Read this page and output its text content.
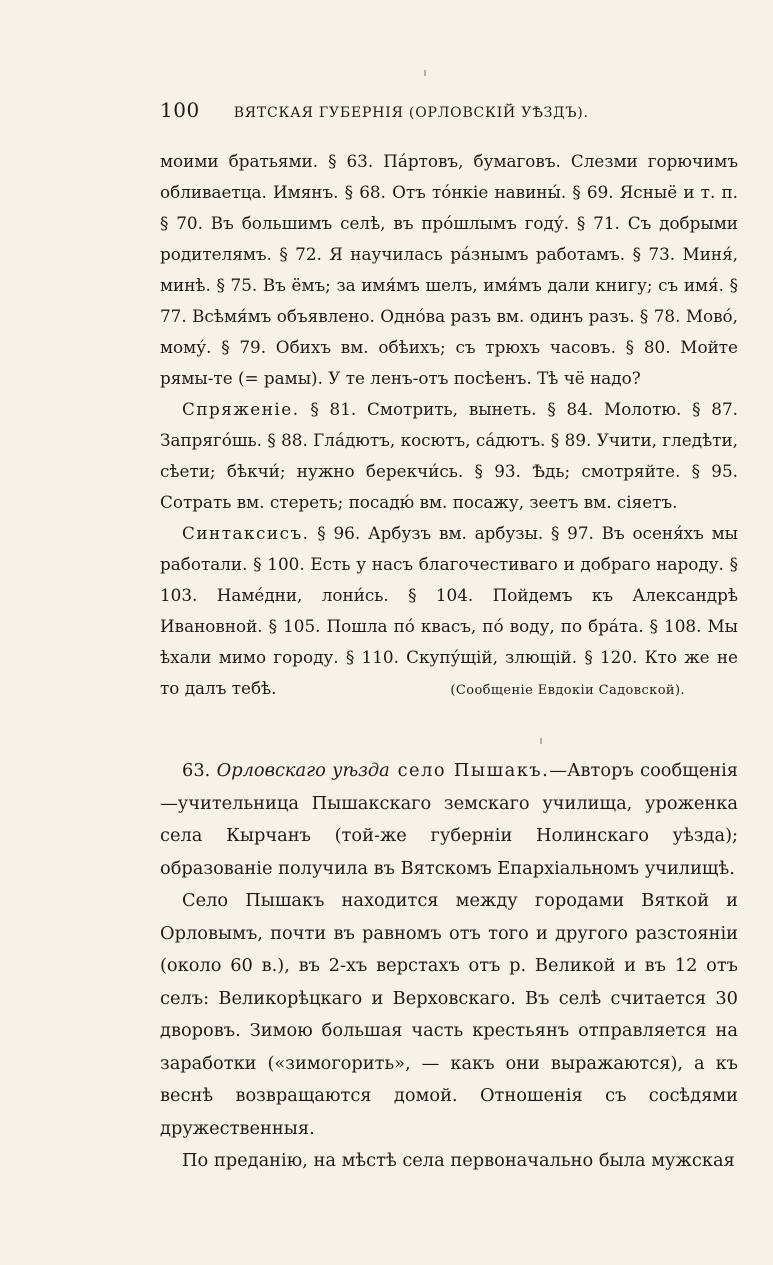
100 ВЯТСКАЯ ГУБЕРНІЯ (ОРЛОВСКІЙ УѢЗДЪ).

моими братьями. § 63. Пáртовъ, бумаговъ. Слезми горючимъ обливаетца. Имянъ. § 68. Отъ тóнкіе навины́. § 69. Ясныё и т. п. § 70. Въ большимъ селѣ, въ прóшлымъ году́. § 71. Съ добрыми родителямъ. § 72. Я научилась рáзнымъ работамъ. § 73. Миня́, минѣ. § 75. Въ ёмъ; за имя́мъ шелъ, имя́мъ дали книгу; съ имя́. § 77. Всѣмя́мъ объявлено. Однóва разъ вм. одинъ разъ. § 78. Мовó, мому́. § 79. Обихъ вм. обѣихъ; съ трюхъ часовъ. § 80. Мойте рямы-те (= рамы). У те ленъ-отъ посѣенъ. Тѣ чё надо?

Спряженіе. § 81. Смотрить, вынеть. § 84. Молотю. § 87. Запрягóшь. § 88. Глáдютъ, косютъ, сáдютъ. § 89. Учити, гледѣти, сѣети; бѣкчи́; нужно берекчи́сь. § 93. Ѣдь; смотряйте. § 95. Сотрать вм. стереть; посадю́ вм. посажу, зеетъ вм. сіяетъ.

Синтаксисъ. § 96. Арбузъ вм. арбузы. § 97. Въ осеня́хъ мы работали. § 100. Есть у насъ благочестиваго и добраго народу. § 103. Намéдни, лони́сь. § 104. Пойдемъ къ Александрѣ Ивановной. § 105. Пошла пó квасъ, пó воду, по брáта. § 108. Мы ѣхали мимо городу. § 110. Скупу́щій, злющій. § 120. Кто же не то далъ тебѣ.	(Сообщеніе Евдокіи Садовской).

63. Орловскаго уѣзда село Пышакъ.—Авторъ сообщенія—учительница Пышакскаго земскаго училища, уроженка села Кырчанъ (той-же губерніи Нолинскаго уѣзда); образованіе получила въ Вятскомъ Епархіальномъ училищѣ.

Село Пышакъ находится между городами Вяткой и Орловымъ, почти въ равномъ отъ того и другого разстояніи (около 60 в.), въ 2-хъ верстахъ отъ р. Великой и въ 12 отъ селъ: Великорѣцкаго и Верховскаго. Въ селѣ считается 30 дворовъ. Зимою большая часть крестьянъ отправляется на заработки («зимогорить», — какъ они выражаются), а къ веснѣ возвращаются домой. Отношенія съ сосѣдями дружественныя.

По преданію, на мѣстѣ села первоначально была мужская
